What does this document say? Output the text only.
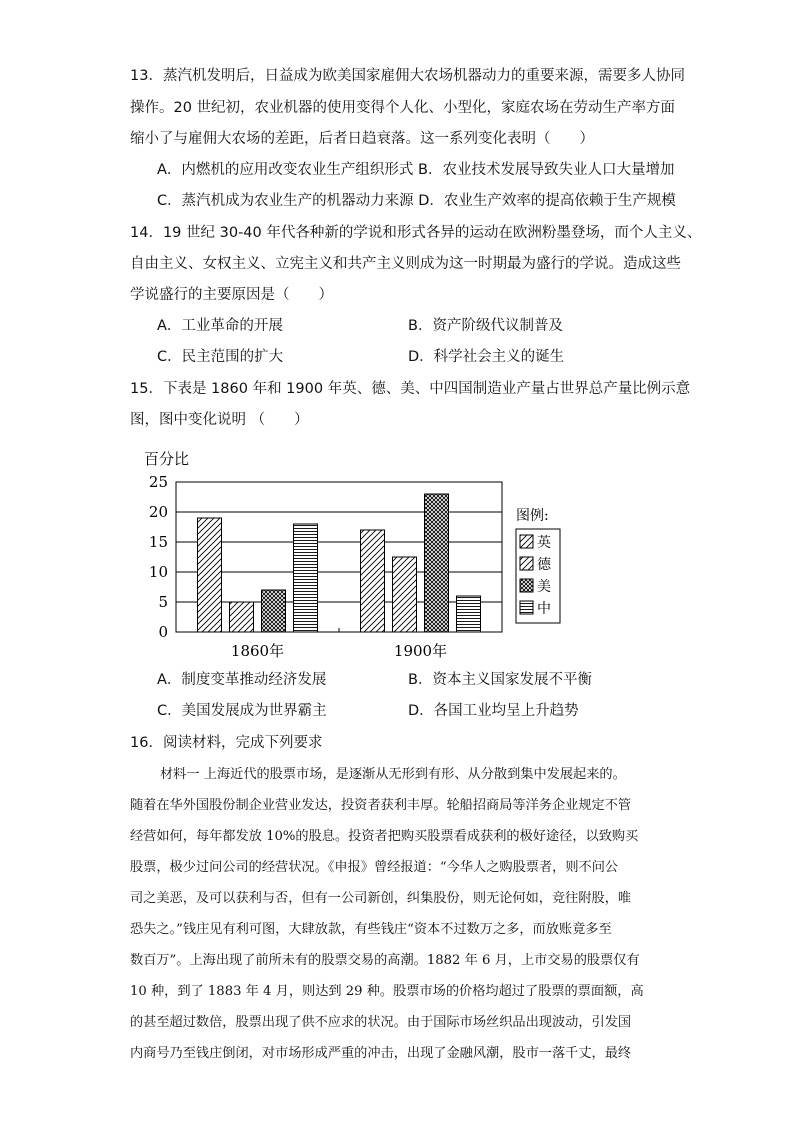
13．蒸汽机发明后，日益成为欧美国家雇佣大农场机器动力的重要来源，需要多人协同
操作。20 世纪初，农业机器的使用变得个人化、小型化，家庭农场在劳动生产率方面
缩小了与雇佣大农场的差距，后者日趋衰落。这一系列变化表明（　　）
A．内燃机的应用改变农业生产组织形式 B．农业技术发展导致失业人口大量增加
C．蒸汽机成为农业生产的机器动力来源 D．农业生产效率的提高依赖于生产规模
14．19 世纪 30-40 年代各种新的学说和形式各异的运动在欧洲粉墨登场，而个人主义、
自由主义、女权主义、立宪主义和共产主义则成为这一时期最为盛行的学说。造成这些
学说盛行的主要原因是（　　）
A．工业革命的开展	B．资产阶级代议制普及
C．民主范围的扩大	D．科学社会主义的诞生
15．下表是 1860 年和 1900 年英、德、美、中四国制造业产量占世界总产量比例示意
图，图中变化说明 （　　）
百分比
0
5
10
15
20
25
1860年	1900年
图例:
英
德
美
中
A．制度变革推动经济发展	B．资本主义国家发展不平衡
C．美国发展成为世界霸主	D．各国工业均呈上升趋势
16．阅读材料，完成下列要求
材料一 上海近代的股票市场，是逐渐从无形到有形、从分散到集中发展起来的。
随着在华外国股份制企业营业发达，投资者获利丰厚。轮船招商局等洋务企业规定不管
经营如何，每年都发放 10%的股息。投资者把购买股票看成获利的极好途径，以致购买
股票，极少过问公司的经营状况。《申报》曾经报道：“今华人之购股票者，则不问公
司之美恶，及可以获利与否，但有一公司新创，纠集股份，则无论何如，竞往附股，唯
恐失之。”钱庄见有利可图，大肆放款，有些钱庄“资本不过数万之多，而放账竟多至
数百万”。上海出现了前所未有的股票交易的高潮。1882 年 6 月，上市交易的股票仅有
10 种，到了 1883 年 4 月，则达到 29 种。股票市场的价格均超过了股票的票面额，高
的甚至超过数倍，股票出现了供不应求的状况。由于国际市场丝织品出现波动，引发国
内商号乃至钱庄倒闭，对市场形成严重的冲击，出现了金融风潮，股市一落千丈，最终
